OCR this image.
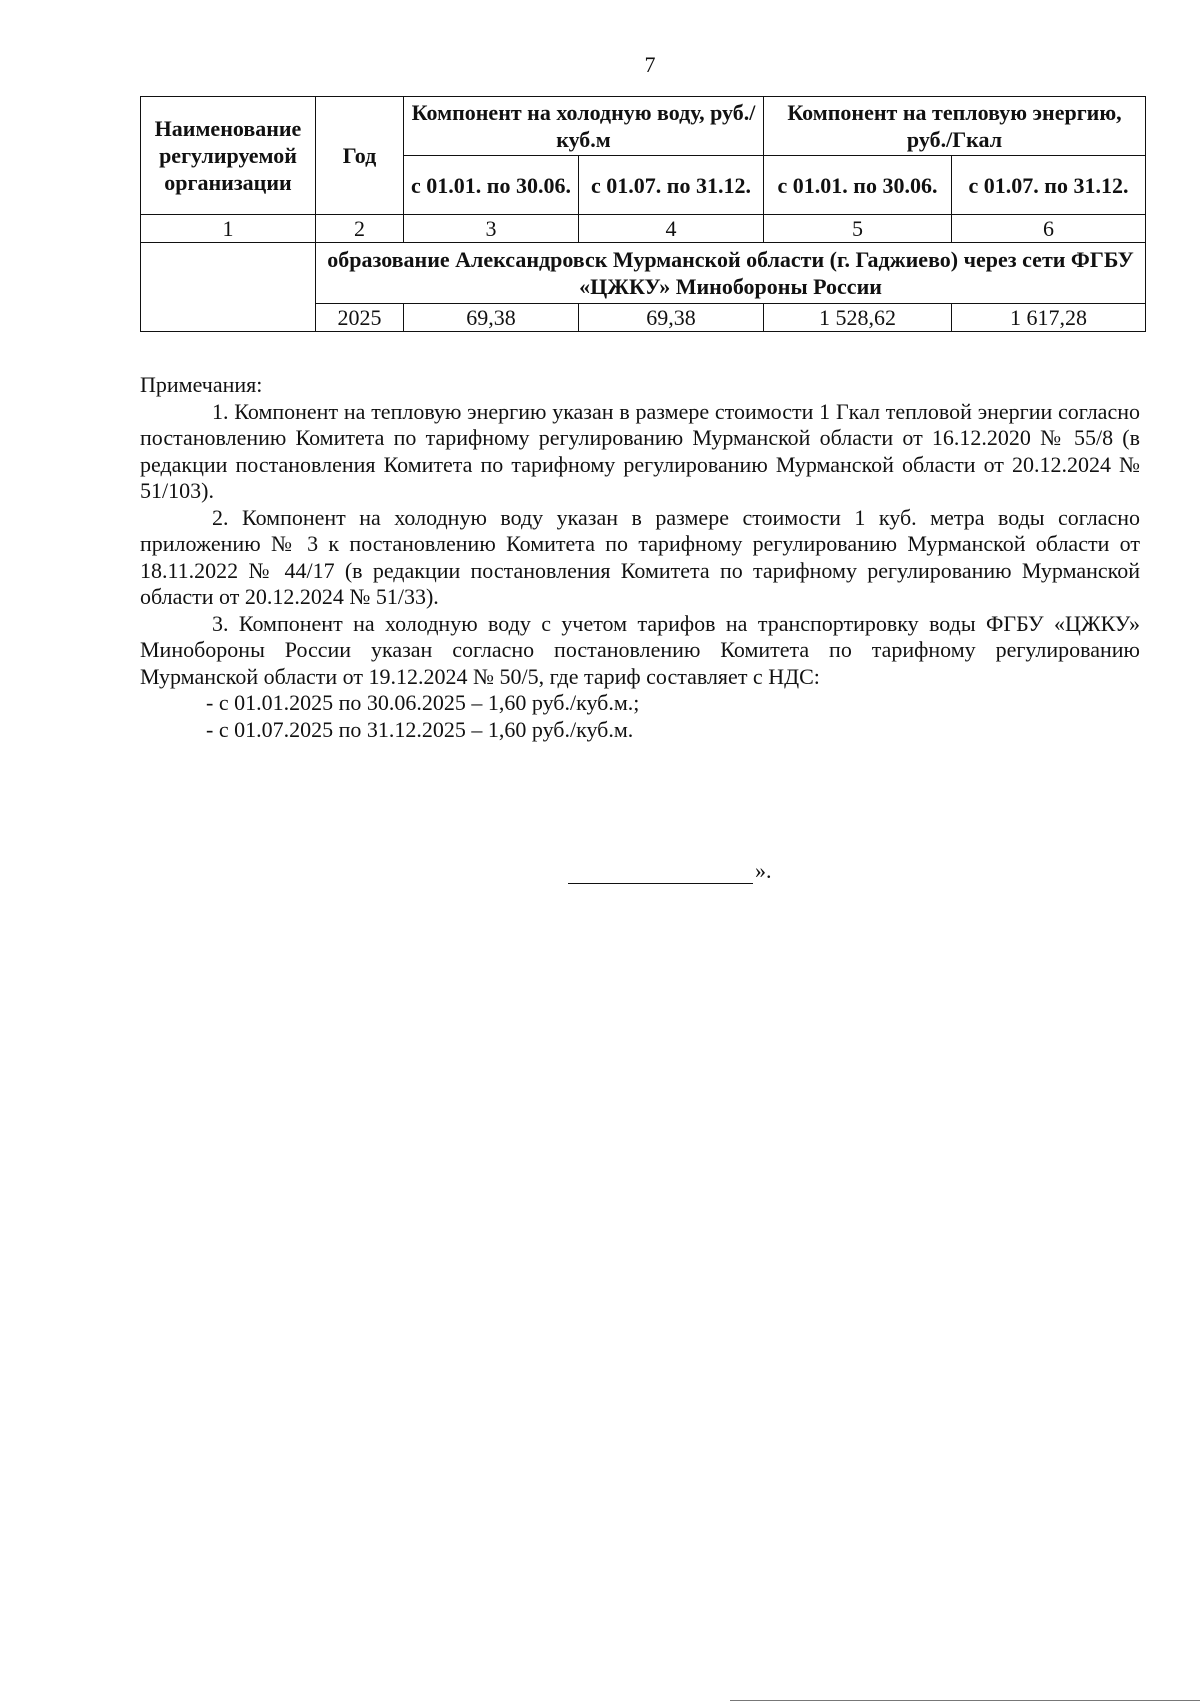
7
Наименование регулируемой организации	Год	Компонент на холодную воду, руб./куб.м		Компонент на тепловую энергию, руб./Гкал	
		с 01.01. по 30.06.	с 01.07. по 31.12.	с 01.01. по 30.06.	с 01.07. по 31.12.
1	2	3	4	5	6
	образование Александровск Мурманской области (г. Гаджиево) через сети ФГБУ «ЦЖКУ» Минобороны России				
	2025	69,38	69,38	1 528,62	1 617,28

Примечания:

1. Компонент на тепловую энергию указан в размере стоимости 1 Гкал тепловой энергии согласно постановлению Комитета по тарифному регулированию Мурманской области от 16.12.2020 № 55/8 (в редакции постановления Комитета по тарифному регулированию Мурманской области от 20.12.2024 № 51/103).

2. Компонент на холодную воду указан в размере стоимости 1 куб. метра воды согласно приложению № 3 к постановлению Комитета по тарифному регулированию Мурманской области от 18.11.2022 № 44/17 (в редакции постановления Комитета по тарифному регулированию Мурманской области от 20.12.2024 № 51/33).

3. Компонент на холодную воду с учетом тарифов на транспортировку воды ФГБУ «ЦЖКУ» Минобороны России указан согласно постановлению Комитета по тарифному регулированию Мурманской области от 19.12.2024 № 50/5, где тариф составляет с НДС:

- с 01.01.2025 по 30.06.2025 – 1,60 руб./куб.м.;

- с 01.07.2025 по 31.12.2025 – 1,60 руб./куб.м.

».
